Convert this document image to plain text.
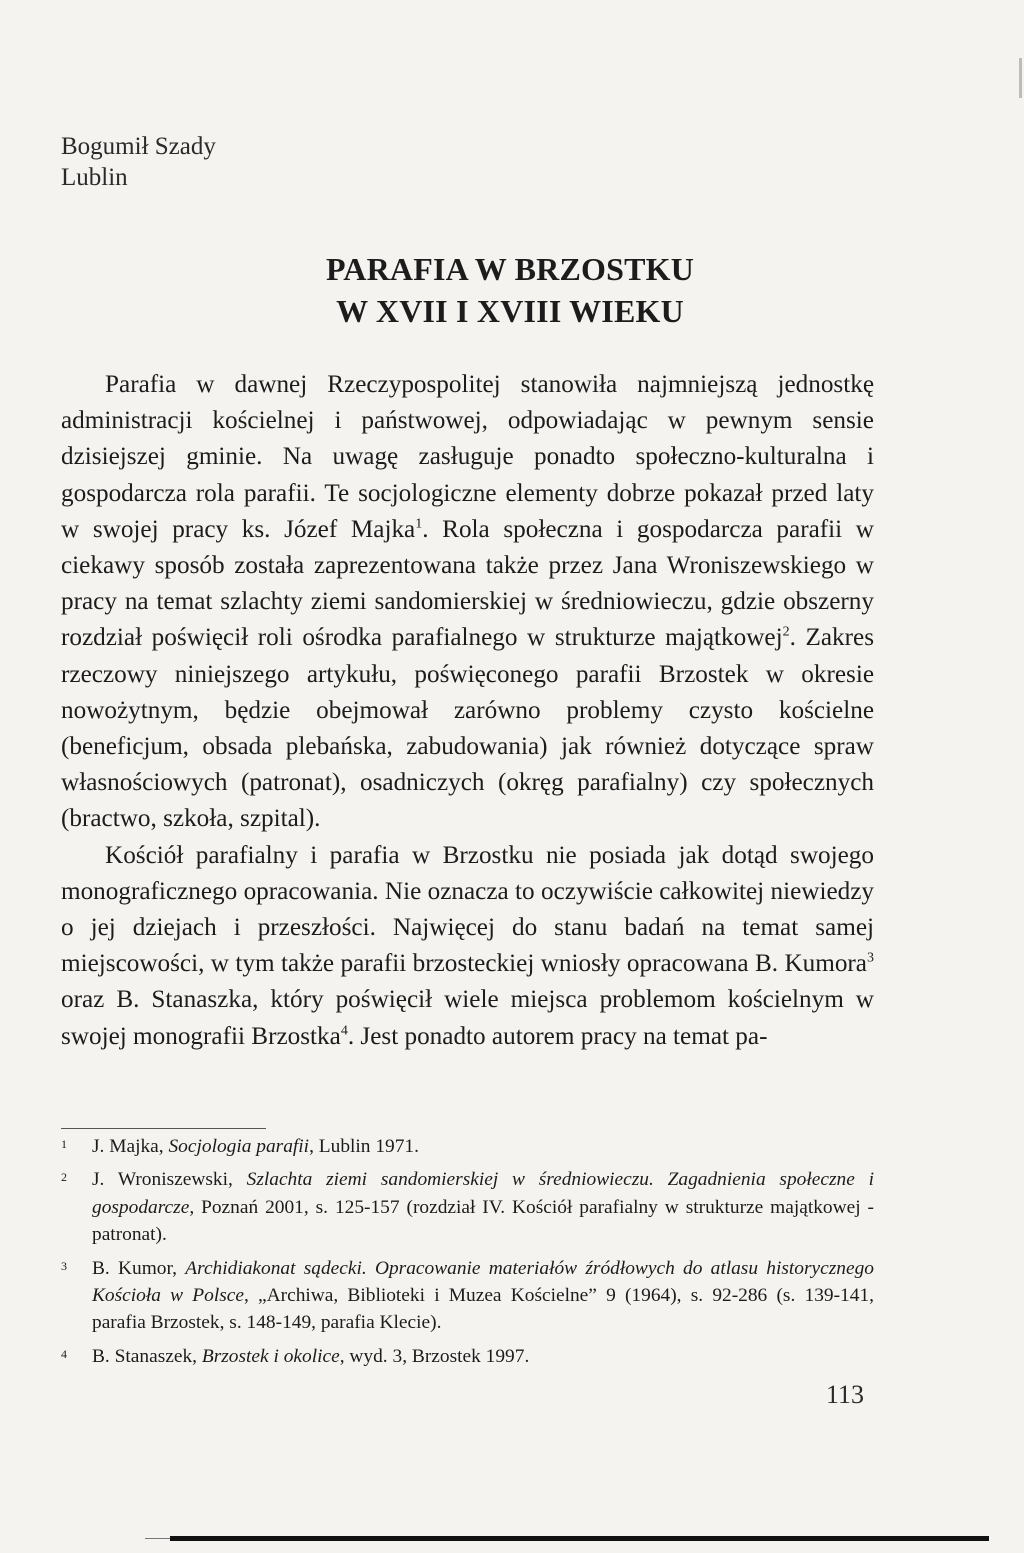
Bogumił Szady
Lublin
PARAFIA W BRZOSTKU
W XVII I XVIII WIEKU

Parafia w dawnej Rzeczypospolitej stanowiła najmniejszą jednostkę administracji kościelnej i państwowej, odpowiadając w pewnym sensie dzisiejszej gminie. Na uwagę zasługuje ponadto społeczno-kulturalna i gospodarcza rola parafii. Te socjologiczne elementy dobrze pokazał przed laty w swojej pracy ks. Józef Majka$^1$. Rola społeczna i gospodarcza parafii w ciekawy sposób została zaprezentowana także przez Jana Wroniszewskiego w pracy na temat szlachty ziemi sandomierskiej w średniowieczu, gdzie obszerny rozdział poświęcił roli ośrodka parafialnego w strukturze majątkowej$^2$. Zakres rzeczowy niniejszego artykułu, poświęconego parafii Brzostek w okresie nowożytnym, będzie obejmował zarówno problemy czysto kościelne (beneficjum, obsada plebańska, zabudowania) jak również dotyczące spraw własnościowych (patronat), osadniczych (okręg parafialny) czy społecznych (bractwo, szkoła, szpital).

Kościół parafialny i parafia w Brzostku nie posiada jak dotąd swojego monograficznego opracowania. Nie oznacza to oczywiście całkowitej niewiedzy o jej dziejach i przeszłości. Najwięcej do stanu badań na temat samej miejscowości, w tym także parafii brzosteckiej wniosły opracowana B. Kumora$^3$ oraz B. Stanaszka, który poświęcił wiele miejsca problemom kościelnym w swojej monografii Brzostka$^4$. Jest ponadto autorem pracy na temat pa-

1 J. Majka, Socjologia parafii, Lublin 1971.
2 J. Wroniszewski, Szlachta ziemi sandomierskiej w średniowieczu. Zagadnienia społeczne i gospodarcze, Poznań 2001, s. 125-157 (rozdział IV. Kościół parafialny w strukturze majątkowej - patronat).
3 B. Kumor, Archidiakonat sądecki. Opracowanie materiałów źródłowych do atlasu historycznego Kościoła w Polsce, „Archiwa, Biblioteki i Muzea Kościelne” 9 (1964), s. 92-286 (s. 139-141, parafia Brzostek, s. 148-149, parafia Klecie).
4 B. Stanaszek, Brzostek i okolice, wyd. 3, Brzostek 1997.
113
